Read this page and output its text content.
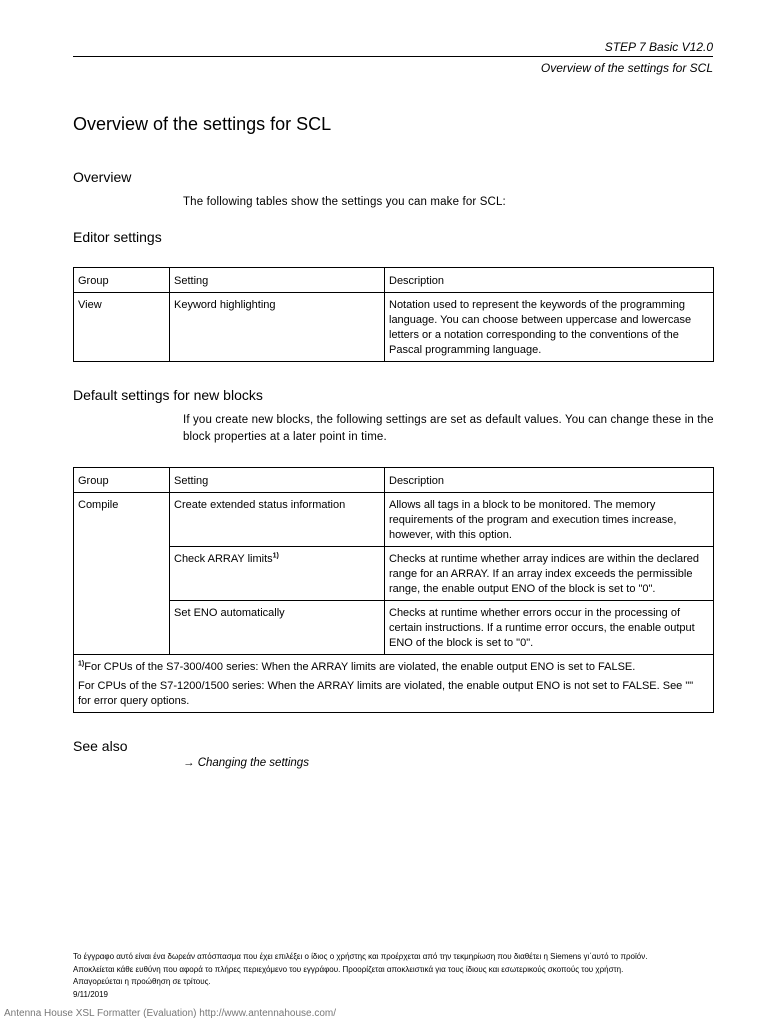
STEP 7 Basic V12.0
Overview of the settings for SCL
Overview of the settings for SCL
Overview
The following tables show the settings you can make for SCL:
Editor settings
Group	Setting	Description
View	Keyword highlighting	Notation used to represent the keywords of the programming language. You can choose between uppercase and lowercase letters or a notation corresponding to the conventions of the Pascal programming language.
Default settings for new blocks
If you create new blocks, the following settings are set as default values. You can change these in the block properties at a later point in time.
Group	Setting	Description
Compile	Create extended status information	Allows all tags in a block to be monitored. The memory requirements of the program and execution times increase, however, with this option.
	Check ARRAY limits$^{1)}$	Checks at runtime whether array indices are within the declared range for an ARRAY. If an array index exceeds the permissible range, the enable output ENO of the block is set to "0".
	Set ENO automatically	Checks at runtime whether errors occur in the processing of certain instructions. If a runtime error occurs, the enable output ENO of the block is set to "0".

$^{1)}$For CPUs of the S7-300/400 series: When the ARRAY limits are violated, the enable output ENO is set to FALSE.
For CPUs of the S7-1200/1500 series: When the ARRAY limits are violated, the enable output ENO is not set to FALSE. See "" for error query options.		
See also
→ Changing the settings
Το έγγραφο αυτό είναι ένα δωρεάν απόσπασμα που έχει επιλέξει ο ίδιος ο χρήστης και προέρχεται από την τεκμηρίωση που διαθέτει η Siemens γι΄αυτό το προϊόν.
Αποκλείεται κάθε ευθύνη που αφορά το πλήρες περιεχόμενο του εγγράφου. Προορίζεται αποκλειστικά για τους ίδιους και εσωτερικούς σκοπούς του χρήστη.
Απαγορεύεται η προώθηση σε τρίτους.
9/11/2019
Antenna House XSL Formatter (Evaluation) http://www.antennahouse.com/
